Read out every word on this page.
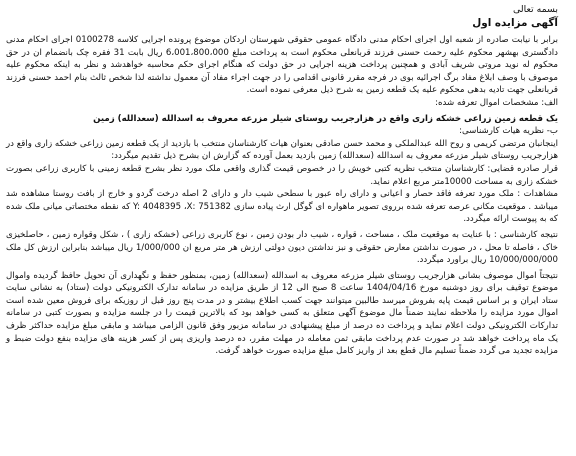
بسمه تعالی

آگهی مزایده اول

برابر با نیابت صادره از شعبه اول اجرای احکام مدنی دادگاه عمومی حقوقی شهرستان اردکان موضوع پرونده اجرایی کلاسه 0100278 اجرای احکام مدنی دادگستری بهشهر محکوم علیه رحمت حسنی فرزند قربانعلی محکوم است به پرداخت مبلغ 6،001،800،000 ریال بابت 31 فقره چک بانضمام ان در حق محکوم له نوید مروتی شریف آبادی و همچنین پرداخت هزینه اجرایی در حق دولت که هنگام اجرای حکم محاسبه خواهدشد و نظر به اینکه محکوم علیه موصوف با وصف ابلاغ مفاد برگ اجرائیه بوی در فرجه مقرر قانونی اقدامی را در جهت اجراء مفاد آن معمول نداشته لذا شخص ثالث بنام احمد حسنی فرزند قربانعلی جهت تادیه بدهی محکوم علیه یک قطعه زمین به شرح ذیل معرفی نموده است.

الف: مشخصات اموال تعرفه شده:

یک قطعه زمین زراعی خشکه زاری واقع در هزارجریب روستای شیلر مزرعه معروف به اسدالله (سعدالله) زمین

ب- نظریه هیات کارشناسی:

اینجانبان مرتضی کریمی و روح الله عبدالملکی و محمد حسن صادقی بعنوان هیات کارشناسان منتخب با بازدید از یک قطعه زمین زراعی خشکه زاری واقع در هزارجریب روستای شیلر مزرعه معروف به اسدالله (سعدالله) زمین بازدید بعمل آورده که گزارش ان بشرح ذیل تقدیم میگردد:

قرار صادره قضایی: کارشناسان منتخب نظریه کتبی خویش را در خصوص قیمت گذاری واقعی ملک مورد نظر بشرح قطعه زمینی با کاربری زراعی بصورت خشکه زاری به مساحت 10000متر مربع اعلام نماید.

مشاهدات : ملک مورد تعرفه فاقد حصار و اعیانی و دارای راه عبور با سطحی شیب دار و دارای 2 اصله درخت گردو و خارج از بافت روستا مشاهده شد میباشد . موقعیت مکانی عرصه تعرفه شده برروی تصویر ماهواره ای گوگل ارث پیاده سازی Y: 4048395 ،X: 751382 که نقطه مختصاتی میانی ملک شده که به پیوست ارائه میگردد.

نتیجه کارشناسی : با عنایت به موقعیت ملک ، مساحت ، قواره ، شیب دار بودن زمین ، نوع کاربری زراعی (خشکه زاری ) ، شکل وقواره زمین ، حاصلخیزی خاک ، فاصله تا محل ، در صورت نداشتن معارض حقوقی و نبز نداشتن دیون دولتی ارزش هر متر مربع ان 1/000/000 ریال میباشد بنابراین ارزش کل ملک 10/000/000/000 ریال براورد میگردد.

نتیجتاً اموال موصوف بشانی هزارجریب روستای شیلر مزرعه معروف به اسدالله (سعدالله) زمین، بمنظور حفظ و نگهداری آن تحویل حافظ گردیده واموال موضوع توقیف برای روز دوشنبه مورخ 1404/04/16 ساعت 8 صبح الی 12 از طریق مزایده در سامانه تدارک الکترونیکی دولت (ستاد) به نشانی سایت ستاد ایران و بر اساس قیمت پایه بفروش میرسد طالبین میتوانند جهت کسب اطلاع بیشتر و در مدت پنج روز قبل از روزیکه برای فروش معین شده است اموال مورد مزایده را ملاحظه نمایند ضمناً مال موضوع آگهی متعلق به کسی خواهد بود که بالاترین قیمت را در جلسه مزایده و بصورت کتبی در سامانه تدارکات الکترونیکی دولت اعلام نماید و پرداخت ده درصد از مبلغ پیشنهادی در سامانه مزبور وفق قانون الزامی میباشد و مابقی مبلغ مزایده حداکثر ظرف یک ماه پرداخت خواهد شد در صورت عدم پرداخت مابقی ثمن معامله در مهلت مقرر، ده درصد واریزی پس از کسر هزینه های مزایده بنفع دولت ضبط و مزایده تجدید می گردد ضمناً تسلیم مال قطع بعد از واریز کامل مبلغ مزایده صورت خواهد گرفت.
